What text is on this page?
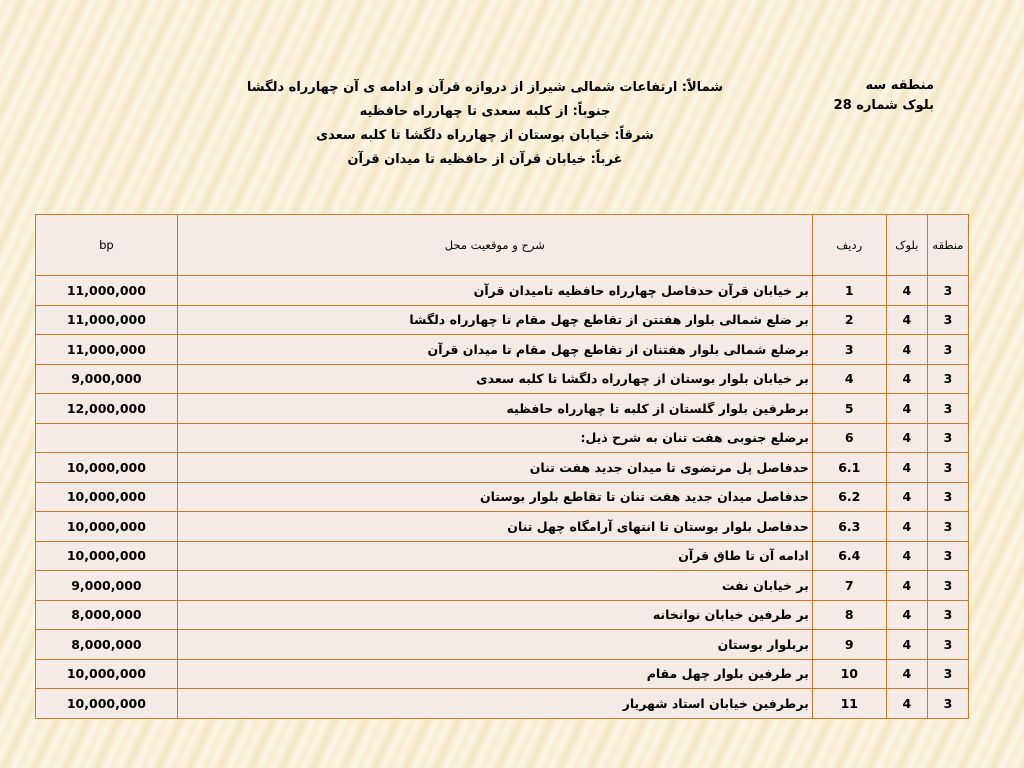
منطقه سه
بلوک شماره 28
شمالاً: ارتفاعات شمالی شیراز از دروازه قرآن و ادامه ی آن چهارراه دلگشا
جنوباً: از کلبه سعدی تا چهارراه حافظیه
شرقاً: خیابان بوستان از چهارراه دلگشا تا کلبه سعدی
غرباً: خیابان قرآن از حافظیه تا میدان قرآن
bp	شرح و موقعیت محل	ردیف	بلوک	منطقه
11,000,000	بر خیابان قرآن حدفاصل چهارراه حافظیه تامیدان قرآن	1	4	3
11,000,000	بر ضلع شمالی بلوار هفتتن از تقاطع چهل مقام تا چهارراه دلگشا	2	4	3
11,000,000	برضلع شمالی بلوار هفتنان از تقاطع چهل مقام تا میدان قرآن	3	4	3
9,000,000	بر خیابان بلوار بوستان از چهارراه دلگشا تا کلبه سعدی	4	4	3
12,000,000	برطرفین بلوار گلستان از کلبه تا چهارراه حافظیه	5	4	3
	برضلع جنوبی هفت تنان به شرح ذیل:	6	4	3
10,000,000	حدفاصل پل مرتضوی تا میدان جدید هفت تنان	6.1	4	3
10,000,000	حدفاصل میدان جدید هفت تنان تا تقاطع بلوار بوستان	6.2	4	3
10,000,000	حدفاصل بلوار بوستان تا انتهای آرامگاه چهل تنان	6.3	4	3
10,000,000	ادامه آن تا طاق قرآن	6.4	4	3
9,000,000	بر خیابان نفت	7	4	3
8,000,000	بر طرفین خیابان نوانخانه	8	4	3
8,000,000	بربلوار بوستان	9	4	3
10,000,000	بر طرفین بلوار چهل مقام	10	4	3
10,000,000	برطرفین خیابان استاد شهریار	11	4	3
